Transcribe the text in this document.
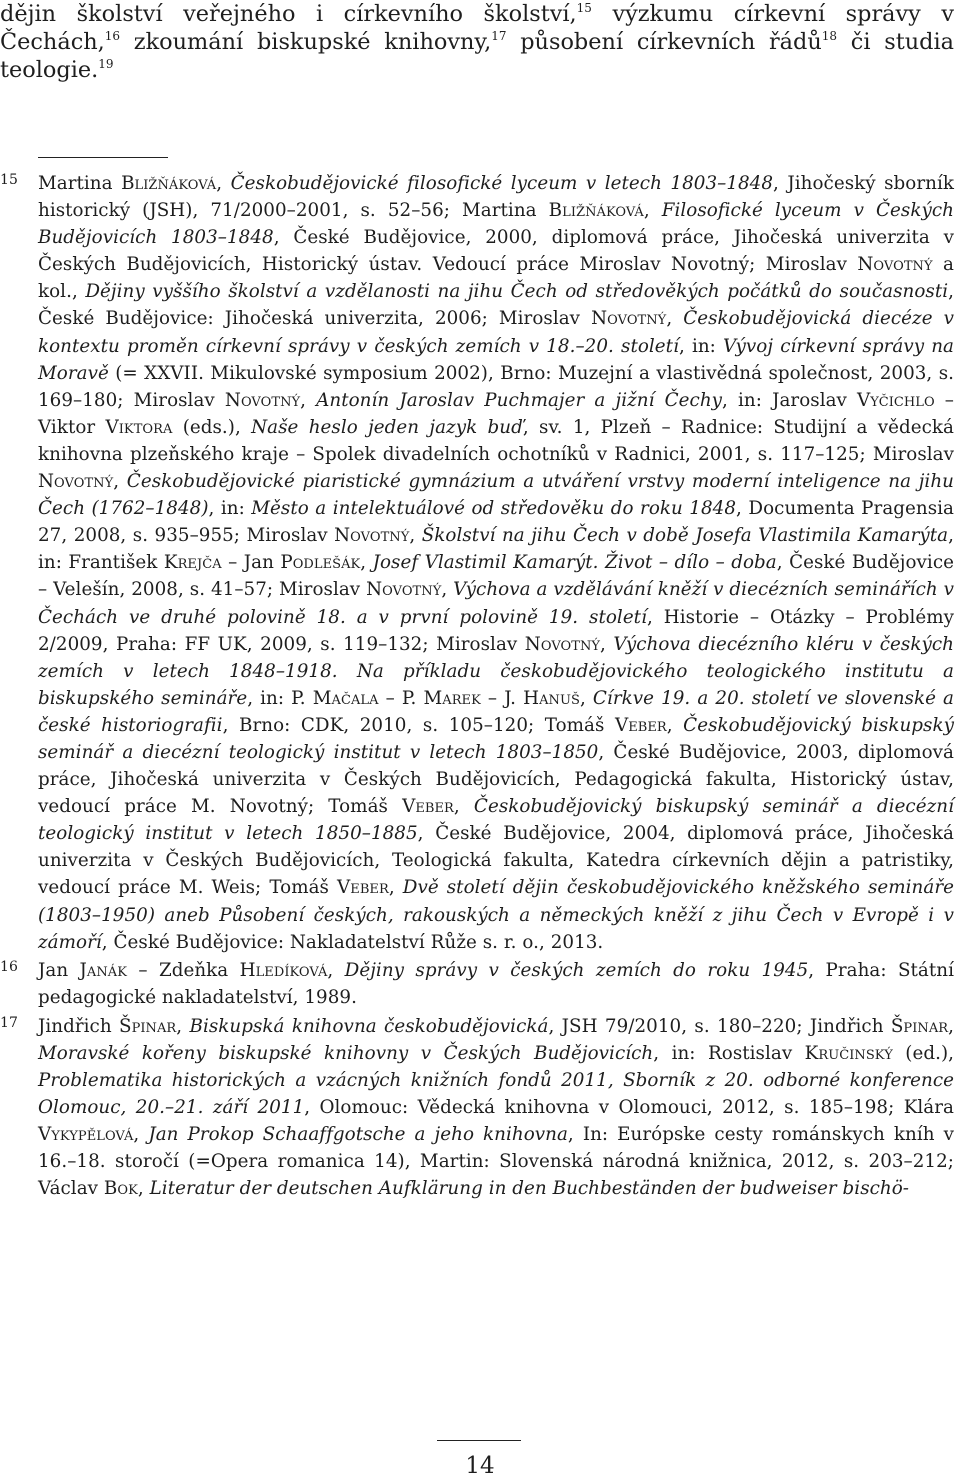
dějin školství veřejného i církevního školství,$^{15}$ výzkumu církevní správy v Čechách,$^{16}$ zkoumání biskupské knihovny,$^{17}$ působení církevních řádů$^{18}$ či studia teologie.$^{19}$

15 Martina Bližňáková, Českobudějovické filosofické lyceum v letech 1803–1848, Jihočeský sborník historický (JSH), 71/2000–2001, s. 52–56; Martina Bližňáková, Filosofické lyceum v Českých Budějovicích 1803–1848, České Budějovice, 2000, diplomová práce, Jihočeská univerzita v Českých Budějovicích, Historický ústav. Vedoucí práce Miroslav Novotný; Miroslav Novotný a kol., Dějiny vyššího školství a vzdělanosti na jihu Čech od středověkých počátků do současnosti, České Budějovice: Jihočeská univerzita, 2006; Miroslav Novotný, Českobudějovická diecéze v kontextu proměn církevní správy v českých zemích v 18.–20. století, in: Vývoj církevní správy na Moravě (= XXVII. Mikulovské symposium 2002), Brno: Muzejní a vlastivědná společnost, 2003, s. 169–180; Miroslav Novotný, Antonín Jaroslav Puchmajer a jižní Čechy, in: Jaroslav Vyčichlo – Viktor Viktora (eds.), Naše heslo jeden jazyk buď, sv. 1, Plzeň – Radnice: Studijní a vědecká knihovna plzeňského kraje – Spolek divadelních ochotníků v Radnici, 2001, s. 117–125; Miroslav Novotný, Českobudějovické piaristické gymnázium a utváření vrstvy moderní inteligence na jihu Čech (1762–1848), in: Město a intelektuálové od středověku do roku 1848, Documenta Pragensia 27, 2008, s. 935–955; Miroslav Novotný, Školství na jihu Čech v době Josefa Vlastimila Kamarýta, in: František Krejča – Jan Podlešák, Josef Vlastimil Kamarýt. Život – dílo – doba, České Budějovice – Velešín, 2008, s. 41–57; Miroslav Novotný, Výchova a vzdělávání kněží v diecézních seminářích v Čechách ve druhé polovině 18. a v první polovině 19. století, Historie – Otázky – Problémy 2/2009, Praha: FF UK, 2009, s. 119–132; Miroslav Novotný, Výchova diecézního kléru v českých zemích v letech 1848–1918. Na příkladu českobudějovického teologického institutu a biskupského semináře, in: P. Mačala – P. Marek – J. Hanuš, Církve 19. a 20. století ve slovenské a české historiografii, Brno: CDK, 2010, s. 105–120; Tomáš Veber, Českobudějovický biskupský seminář a diecézní teologický institut v letech 1803–1850, České Budějovice, 2003, diplomová práce, Jihočeská univerzita v Českých Budějovicích, Pedagogická fakulta, Historický ústav, vedoucí práce M. Novotný; Tomáš Veber, Českobudějovický biskupský seminář a diecézní teologický institut v letech 1850–1885, České Budějovice, 2004, diplomová práce, Jihočeská univerzita v Českých Budějovicích, Teologická fakulta, Katedra církevních dějin a patristiky, vedoucí práce M. Weis; Tomáš Veber, Dvě století dějin českobudějovického kněžského semináře (1803–1950) aneb Působení českých, rakouských a německých kněží z jihu Čech v Evropě i v zámoří, České Budějovice: Nakladatelství Růže s. r. o., 2013.

16 Jan Janák – Zdeňka Hledíková, Dějiny správy v českých zemích do roku 1945, Praha: Státní pedagogické nakladatelství, 1989.

17 Jindřich Špinar, Biskupská knihovna českobudějovická, JSH 79/2010, s. 180–220; Jindřich Špinar, Moravské kořeny biskupské knihovny v Českých Budějovicích, in: Rostislav Kručinský (ed.), Problematika historických a vzácných knižních fondů 2011, Sborník z 20. odborné konference Olomouc, 20.–21. září 2011, Olomouc: Vědecká knihovna v Olomouci, 2012, s. 185–198; Klára Vykypělová, Jan Prokop Schaaffgotsche a jeho knihovna, In: Európske cesty románskych kníh v 16.–18. storočí (=Opera romanica 14), Martin: Slovenská národná knižnica, 2012, s. 203–212; Václav Bok, Literatur der deutschen Aufklärung in den Buchbeständen der budweiser bischö-

14
